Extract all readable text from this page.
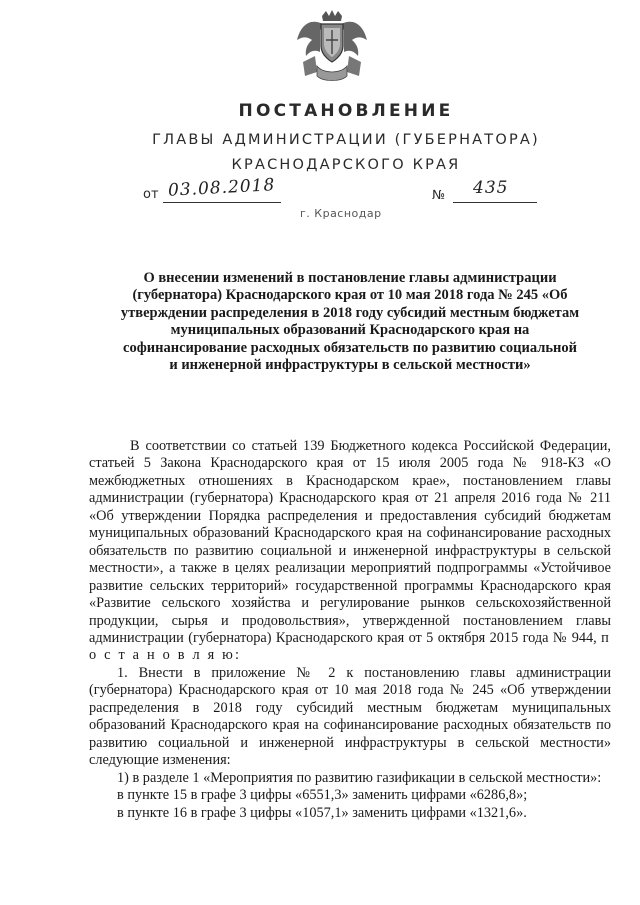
ПОСТАНОВЛЕНИЕ
ГЛАВЫ АДМИНИСТРАЦИИ (ГУБЕРНАТОРА)
КРАСНОДАРСКОГО КРАЯ
от 03.08.2018	№ 435
г. Краснодар
О внесении изменений в постановление главы администрации (губернатора) Краснодарского края от 10 мая 2018 года № 245 «Об утверждении распределения в 2018 году субсидий местным бюджетам муниципальных образований Краснодарского края на софинансирование расходных обязательств по развитию социальной и инженерной инфраструктуры в сельской местности»

В соответствии со статьей 139 Бюджетного кодекса Российской Федерации, статьей 5 Закона Краснодарского края от 15 июля 2005 года № 918-КЗ «О межбюджетных отношениях в Краснодарском крае», постановлением главы администрации (губернатора) Краснодарского края от 21 апреля 2016 года № 211 «Об утверждении Порядка распределения и предоставления субсидий бюджетам муниципальных образований Краснодарского края на софинансирование расходных обязательств по развитию социальной и инженерной инфраструктуры в сельской местности», а также в целях реализации мероприятий подпрограммы «Устойчивое развитие сельских территорий» государственной программы Краснодарского края «Развитие сельского хозяйства и регулирование рынков сельскохозяйственной продукции, сырья и продовольствия», утвержденной постановлением главы администрации (губернатора) Краснодарского края от 5 октября 2015 года № 944, п о с т а н о в л я ю:

1. Внести в приложение № 2 к постановлению главы администрации (губернатора) Краснодарского края от 10 мая 2018 года № 245 «Об утверждении распределения в 2018 году субсидий местным бюджетам муниципальных образований Краснодарского края на софинансирование расходных обязательств по развитию социальной и инженерной инфраструктуры в сельской местности» следующие изменения:

1) в разделе 1 «Мероприятия по развитию газификации в сельской местности»:

в пункте 15 в графе 3 цифры «6551,3» заменить цифрами «6286,8»;

в пункте 16 в графе 3 цифры «1057,1» заменить цифрами «1321,6».
